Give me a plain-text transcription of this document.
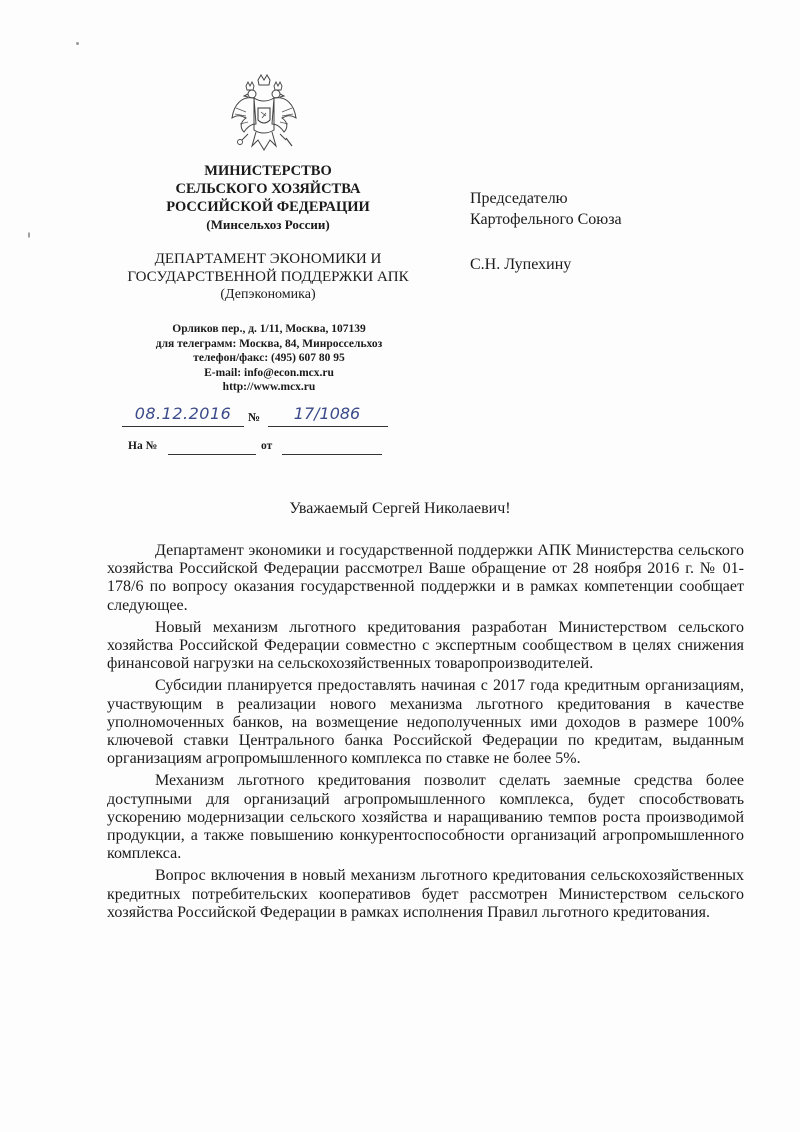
МИНИСТЕРСТВО
СЕЛЬСКОГО ХОЗЯЙСТВА
РОССИЙСКОЙ ФЕДЕРАЦИИ
(Минсельхоз России)
ДЕПАРТАМЕНТ ЭКОНОМИКИ И
ГОСУДАРСТВЕННОЙ ПОДДЕРЖКИ АПК
(Депэкономика)
Орликов пер., д. 1/11, Москва, 107139
для телеграмм: Москва, 84, Минроссельхоз
телефон/факс: (495) 607 80 95
E-mail: info@econ.mcx.ru
http://www.mcx.ru
08.12.2016	№	17/1086
На №	от
Председателю
Картофельного Союза
С.Н. Лупехину
Уважаемый Сергей Николаевич!

Департамент экономики и государственной поддержки АПК Министерства сельского хозяйства Российской Федерации рассмотрел Ваше обращение от 28 ноября 2016 г. № 01-178/6 по вопросу оказания государственной поддержки и в рамках компетенции сообщает следующее.

Новый механизм льготного кредитования разработан Министерством сельского хозяйства Российской Федерации совместно с экспертным сообществом в целях снижения финансовой нагрузки на сельскохозяйственных товаропроизводителей.

Субсидии планируется предоставлять начиная с 2017 года кредитным организациям, участвующим в реализации нового механизма льготного кредитования в качестве уполномоченных банков, на возмещение недополученных ими доходов в размере 100% ключевой ставки Центрального банка Российской Федерации по кредитам, выданным организациям агропромышленного комплекса по ставке не более 5%.

Механизм льготного кредитования позволит сделать заемные средства более доступными для организаций агропромышленного комплекса, будет способствовать ускорению модернизации сельского хозяйства и наращиванию темпов роста производимой продукции, а также повышению конкурентоспособности организаций агропромышленного комплекса.

Вопрос включения в новый механизм льготного кредитования сельскохозяйственных кредитных потребительских кооперативов будет рассмотрен Министерством сельского хозяйства Российской Федерации в рамках исполнения Правил льготного кредитования.
